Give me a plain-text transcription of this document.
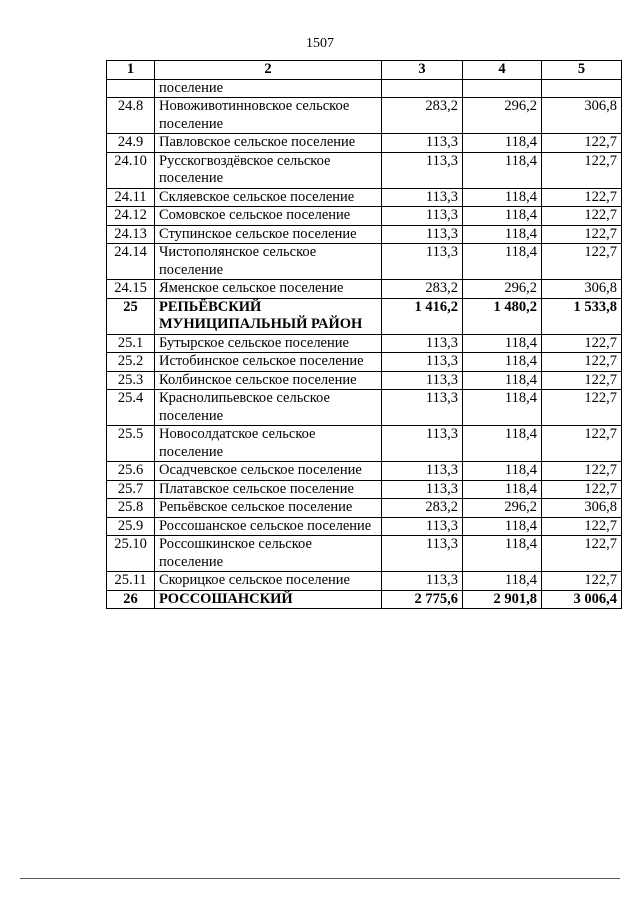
1507
1	2	3	4	5
	поселение			
24.8	Новоживотинновское сельское поселение	283,2	296,2	306,8
24.9	Павловское сельское поселение	113,3	118,4	122,7
24.10	Русскогвоздёвское сельское поселение	113,3	118,4	122,7
24.11	Скляевское сельское поселение	113,3	118,4	122,7
24.12	Сомовское сельское поселение	113,3	118,4	122,7
24.13	Ступинское сельское поселение	113,3	118,4	122,7
24.14	Чистополянское сельское поселение	113,3	118,4	122,7
24.15	Яменское сельское поселение	283,2	296,2	306,8
25	РЕПЬЁВСКИЙ МУНИЦИПАЛЬНЫЙ РАЙОН	1 416,2	1 480,2	1 533,8
25.1	Бутырское сельское поселение	113,3	118,4	122,7
25.2	Истобинское сельское поселение	113,3	118,4	122,7
25.3	Колбинское сельское поселение	113,3	118,4	122,7
25.4	Краснолипьевское сельское поселение	113,3	118,4	122,7
25.5	Новосолдатское сельское поселение	113,3	118,4	122,7
25.6	Осадчевское сельское поселение	113,3	118,4	122,7
25.7	Платавское сельское поселение	113,3	118,4	122,7
25.8	Репьёвское сельское поселение	283,2	296,2	306,8
25.9	Россошанское сельское поселение	113,3	118,4	122,7
25.10	Россошкинское сельское поселение	113,3	118,4	122,7
25.11	Скорицкое сельское поселение	113,3	118,4	122,7
26	РОССОШАНСКИЙ	2 775,6	2 901,8	3 006,4
